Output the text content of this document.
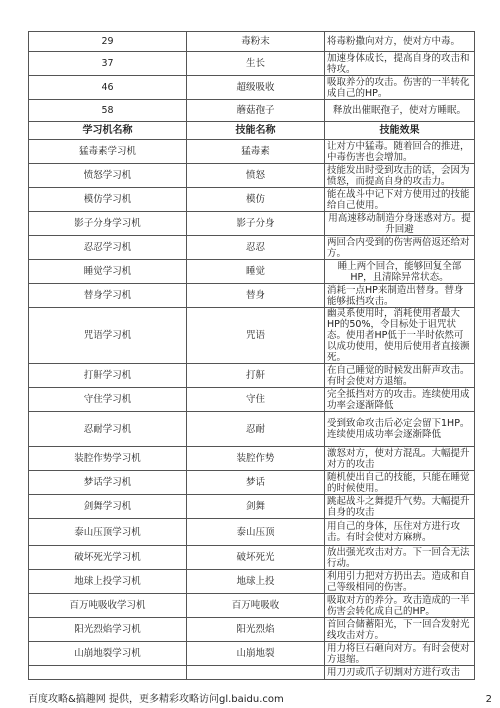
29	毒粉末	将毒粉撒向对方，使对方中毒。
37	生长	加速身体成长，提高自身的攻击和特攻。
46	超级吸收	吸取养分的攻击。伤害的一半转化成自己的HP。
58	蘑菇孢子	释放出催眠孢子，使对方睡眠。
学习机名称	技能名称	技能效果
猛毒素学习机	猛毒素	让对方中猛毒。随着回合的推进，中毒伤害也会增加。
愤怒学习机	愤怒	技能发出时受到攻击的话，会因为愤怒，而提高自身的攻击力。
模仿学习机	模仿	能在战斗中记下对方使用过的技能给自己使用。
影子分身学习机	影子分身	用高速移动制造分身迷惑对方。提升回避
忍忍学习机	忍忍	两回合内受到的伤害两倍返还给对方。
睡觉学习机	睡觉	睡上两个回合，能够回复全部HP，且清除异常状态。
替身学习机	替身	消耗一点HP来制造出替身。替身能够抵挡攻击。
咒语学习机	咒语	幽灵系使用时，消耗使用者最大HP的50%，令目标处于诅咒状态。使用者HP低于一半时依然可以成功使用，使用后使用者直接濒死。
打鼾学习机	打鼾	在自己睡觉的时候发出鼾声攻击。有时会使对方退缩。
守住学习机	守住	完全抵挡对方的攻击。连续使用成功率会逐渐降低
忍耐学习机	忍耐	受到致命攻击后必定会留下1HP。连续使用成功率会逐渐降低
装腔作势学习机	装腔作势	激怒对方，使对方混乱。大幅提升对方的攻击
梦话学习机	梦话	随机使出自己的技能，只能在睡觉的时候使用。
剑舞学习机	剑舞	跳起战斗之舞提升气势。大幅提升自身的攻击
泰山压顶学习机	泰山压顶	用自己的身体，压住对方进行攻击。有时会使对方麻痹。
破坏死光学习机	破坏死光	放出强光攻击对方。下一回合无法行动。
地球上投学习机	地球上投	利用引力把对方扔出去。造成和自己等级相同的伤害。
百万吨吸收学习机	百万吨吸收	吸取对方的养分。攻击造成的一半伤害会转化成自己的HP。
阳光烈焰学习机	阳光烈焰	首回合储蓄阳光，下一回合发射光线攻击对方。
山崩地裂学习机	山崩地裂	用力将巨石砸向对方。有时会使对方退缩。
		用刀刃或爪子切割对方进行攻击
百度攻略&搞趣网 提供，更多精彩攻略访问gl.baidu.com	2
